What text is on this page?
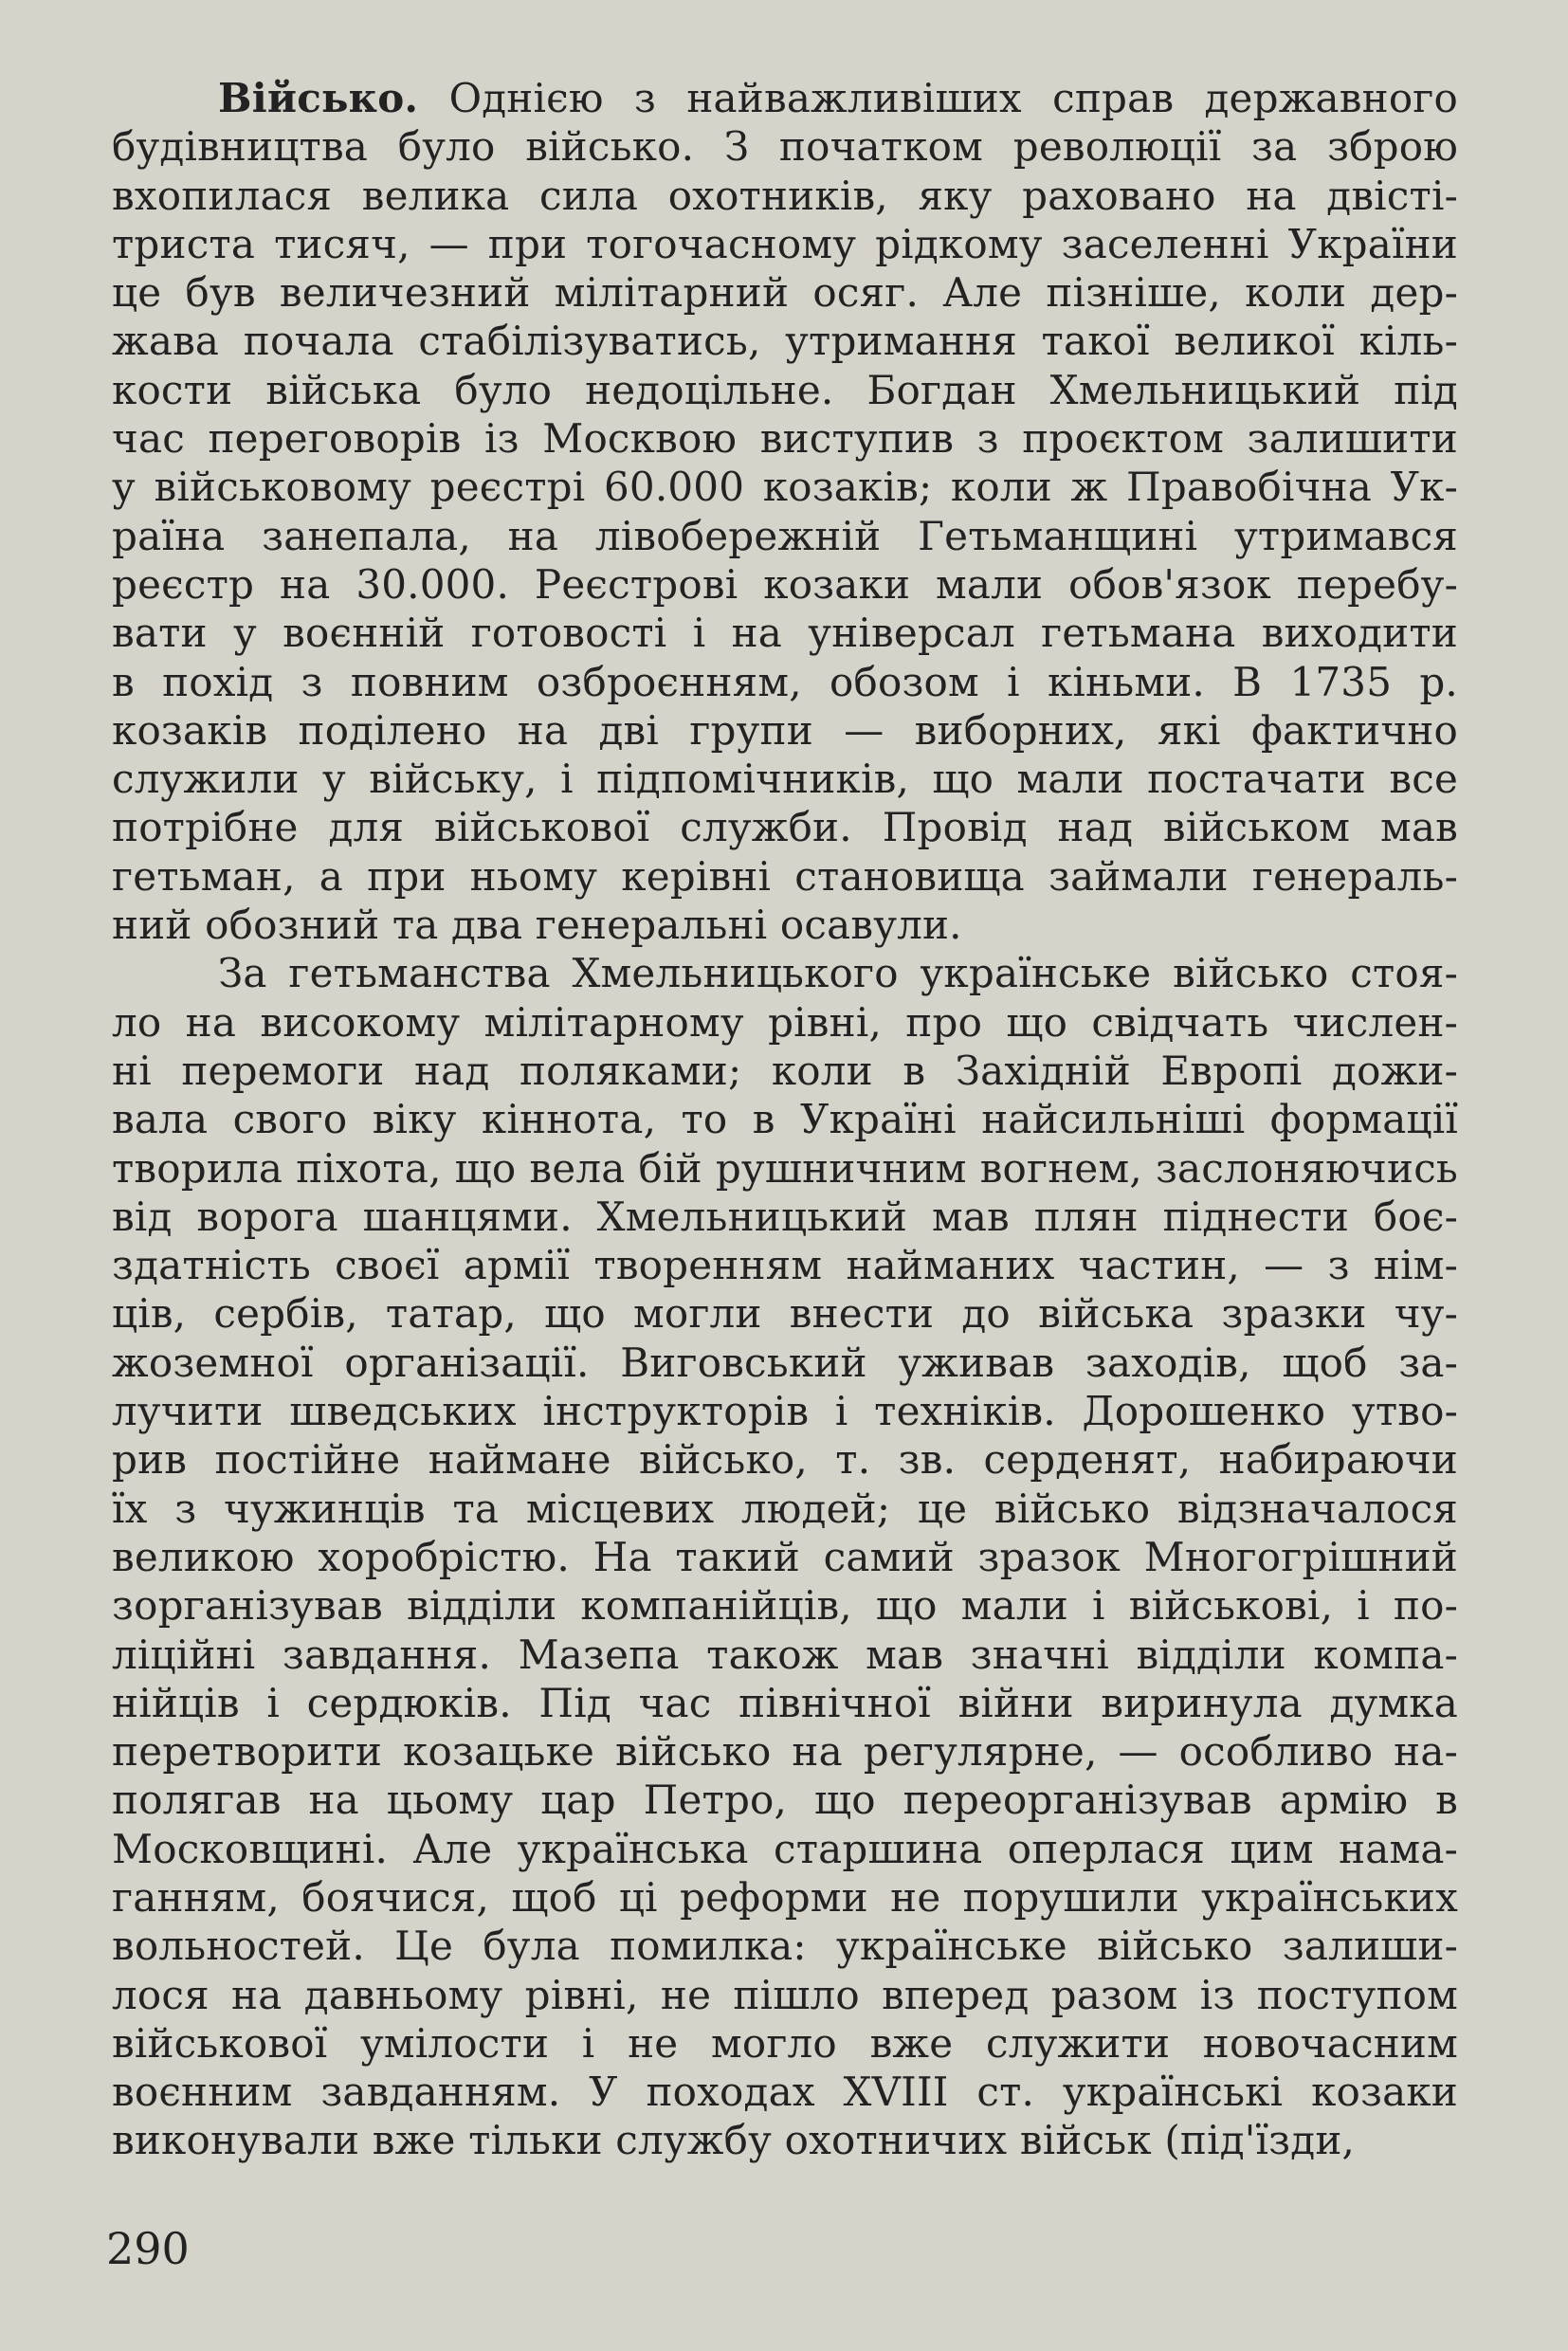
Військо. Однією з найважливіших справ державного
будівництва було військо. З початком революції за зброю
вхопилася велика сила охотників, яку раховано на двісті-
триста тисяч, — при тогочасному рідкому заселенні України
це був величезний мілітарний осяг. Але пізніше, коли дер-
жава почала стабілізуватись, утримання такої великої кіль-
кости війська було недоцільне. Богдан Хмельницький під
час переговорів із Москвою виступив з проєктом залишити
у військовому реєстрі 60.000 козаків; коли ж Правобічна Ук-
раїна занепала, на лівобережній Гетьманщині утримався
реєстр на 30.000. Реєстрові козаки мали обов'язок перебу-
вати у воєнній готовості і на універсал гетьмана виходити
в похід з повним озброєнням, обозом і кіньми. В 1735 р.
козаків поділено на дві групи — виборних, які фактично
служили у війську, і підпомічників, що мали постачати все
потрібне для військової служби. Провід над військом мав
гетьман, а при ньому керівні становища займали генераль-
ний обозний та два генеральні осавули.
За гетьманства Хмельницького українське військо стоя-
ло на високому мілітарному рівні, про що свідчать числен-
ні перемоги над поляками; коли в Західній Европі дожи-
вала свого віку кіннота, то в Україні найсильніші формації
творила піхота, що вела бій рушничним вогнем, заслоняючись
від ворога шанцями. Хмельницький мав плян піднести боє-
здатність своєї армії творенням найманих частин, — з нім-
ців, сербів, татар, що могли внести до війська зразки чу-
жоземної організації. Виговський уживав заходів, щоб за-
лучити шведських інструкторів і техніків. Дорошенко утво-
рив постійне наймане військо, т. зв. серденят, набираючи
їх з чужинців та місцевих людей; це військо відзначалося
великою хоробрістю. На такий самий зразок Многогрішний
зорганізував відділи компанійців, що мали і військові, і по-
ліційні завдання. Мазепа також мав значні відділи компа-
нійців і сердюків. Під час північної війни виринула думка
перетворити козацьке військо на регулярне, — особливо на-
полягав на цьому цар Петро, що переорганізував армію в
Московщині. Але українська старшина оперлася цим нама-
ганням, боячися, щоб ці реформи не порушили українських
вольностей. Це була помилка: українське військо залиши-
лося на давньому рівні, не пішло вперед разом із поступом
військової умілости і не могло вже служити новочасним
воєнним завданням. У походах XVIII ст. українські козаки
виконували вже тільки службу охотничих військ (під'їзди,
290
